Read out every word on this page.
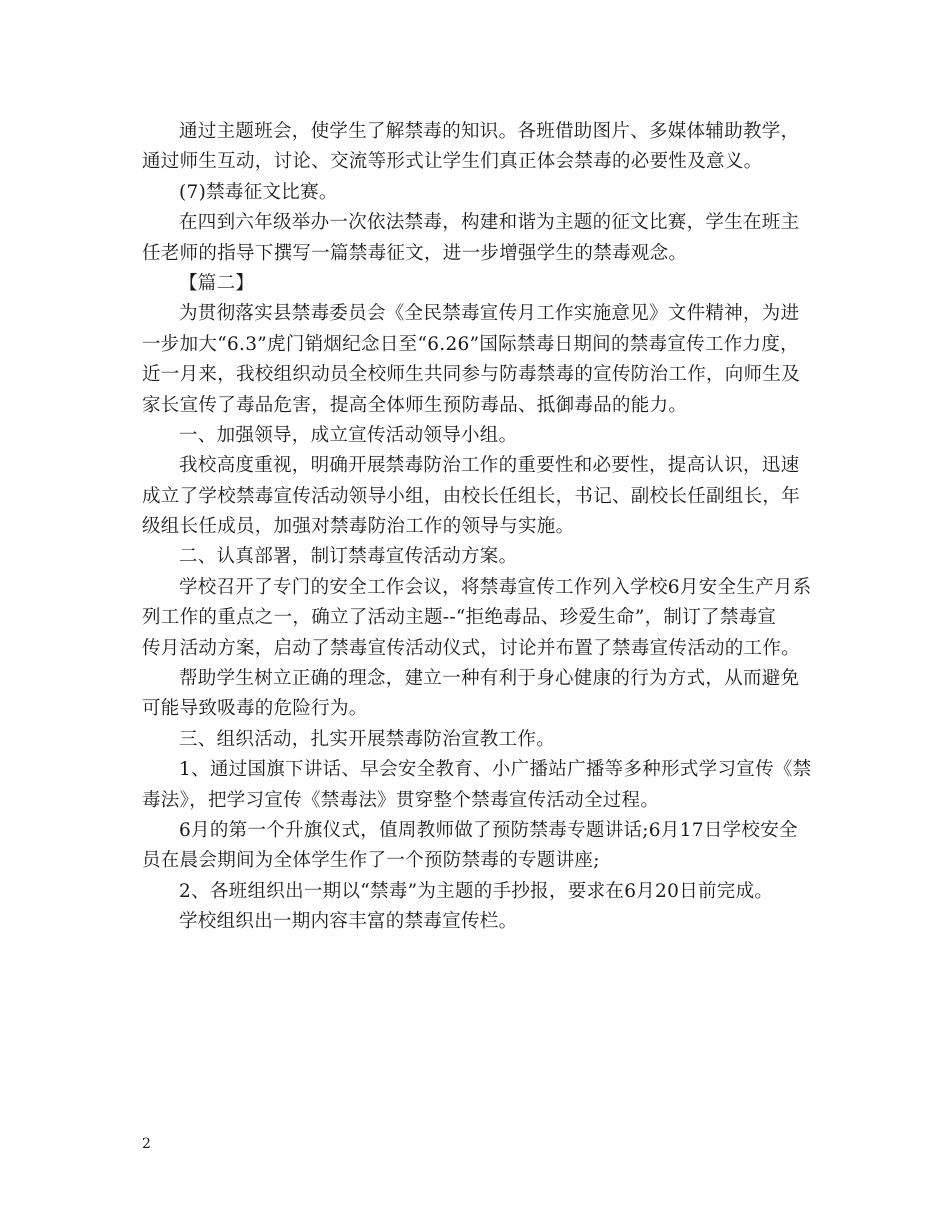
通过主题班会，使学生了解禁毒的知识。各班借助图片、多媒体辅助教学，
通过师生互动，讨论、交流等形式让学生们真正体会禁毒的必要性及意义。
(7)禁毒征文比赛。
在四到六年级举办一次依法禁毒，构建和谐为主题的征文比赛，学生在班主
任老师的指导下撰写一篇禁毒征文，进一步增强学生的禁毒观念。
【篇二】
为贯彻落实县禁毒委员会《全民禁毒宣传月工作实施意见》文件精神，为进
一步加大“6.3”虎门销烟纪念日至“6.26”国际禁毒日期间的禁毒宣传工作力度，
近一月来，我校组织动员全校师生共同参与防毒禁毒的宣传防治工作，向师生及
家长宣传了毒品危害，提高全体师生预防毒品、抵御毒品的能力。
一、加强领导，成立宣传活动领导小组。
我校高度重视，明确开展禁毒防治工作的重要性和必要性，提高认识，迅速
成立了学校禁毒宣传活动领导小组，由校长任组长，书记、副校长任副组长，年
级组长任成员，加强对禁毒防治工作的领导与实施。
二、认真部署，制订禁毒宣传活动方案。
学校召开了专门的安全工作会议，将禁毒宣传工作列入学校6月安全生产月系
列工作的重点之一，确立了活动主题--“拒绝毒品、珍爱生命”，制订了禁毒宣
传月活动方案，启动了禁毒宣传活动仪式，讨论并布置了禁毒宣传活动的工作。
帮助学生树立正确的理念，建立一种有利于身心健康的行为方式，从而避免
可能导致吸毒的危险行为。
三、组织活动，扎实开展禁毒防治宣教工作。
1、通过国旗下讲话、早会安全教育、小广播站广播等多种形式学习宣传《禁
毒法》，把学习宣传《禁毒法》贯穿整个禁毒宣传活动全过程。
6月的第一个升旗仪式，值周教师做了预防禁毒专题讲话;6月17日学校安全
员在晨会期间为全体学生作了一个预防禁毒的专题讲座;
2、各班组织出一期以“禁毒”为主题的手抄报，要求在6月20日前完成。
学校组织出一期内容丰富的禁毒宣传栏。
2
